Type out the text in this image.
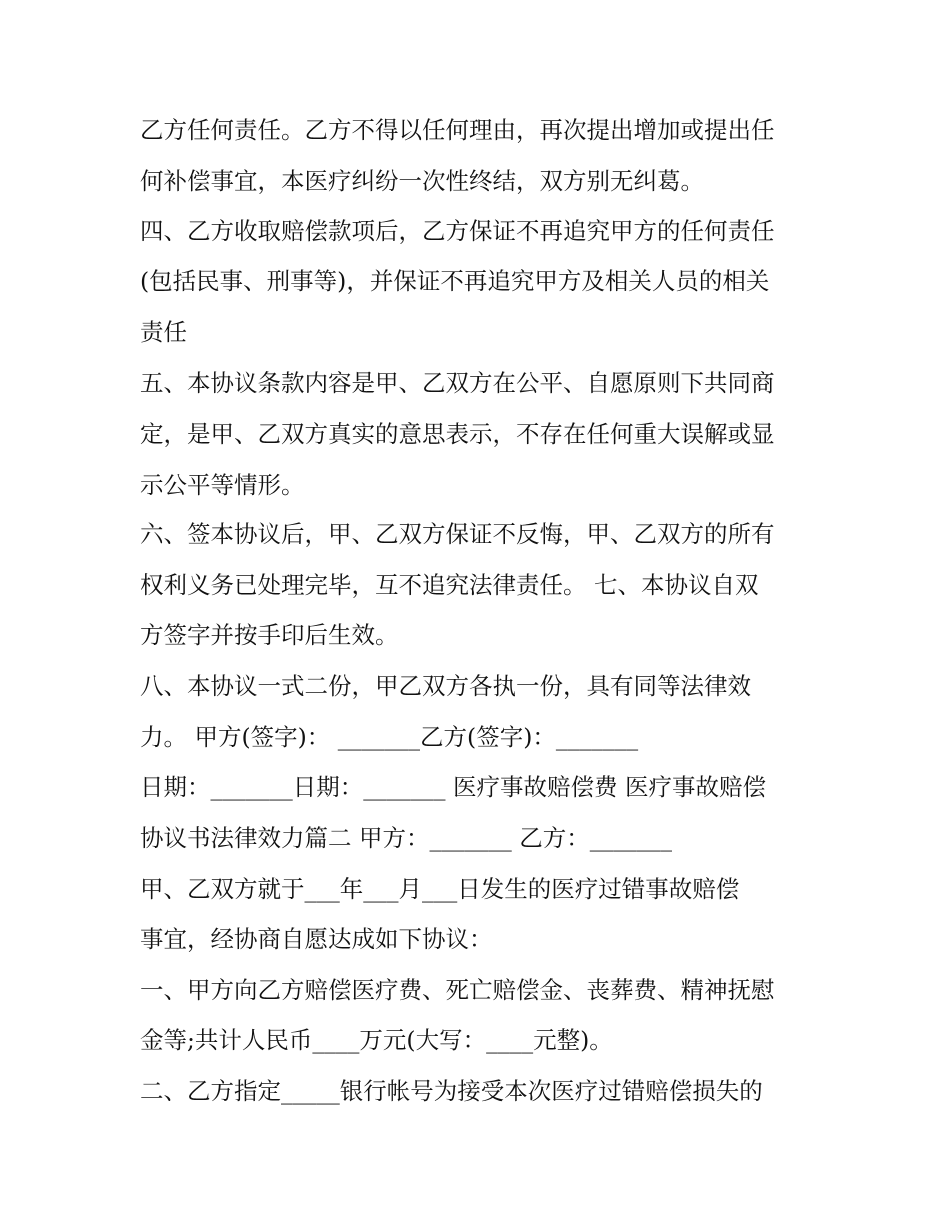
乙方任何责任。乙方不得以任何理由，再次提出增加或提出任

何补偿事宜，本医疗纠纷一次性终结，双方别无纠葛。

四、乙方收取赔偿款项后，乙方保证不再追究甲方的任何责任

(包括民事、刑事等)，并保证不再追究甲方及相关人员的相关

责任

五、本协议条款内容是甲、乙双方在公平、自愿原则下共同商

定，是甲、乙双方真实的意思表示，不存在任何重大误解或显

示公平等情形。

六、签本协议后，甲、乙双方保证不反悔，甲、乙双方的所有

权利义务已处理完毕，互不追究法律责任。 七、本协议自双

方签字并按手印后生效。

八、本协议一式二份，甲乙双方各执一份，具有同等法律效

力。 甲方(签字)： _______乙方(签字)：_______

日期：_______日期：_______ 医疗事故赔偿费 医疗事故赔偿

协议书法律效力篇二 甲方：_______ 乙方：_______

甲、乙双方就于___年___月___日发生的医疗过错事故赔偿

事宜，经协商自愿达成如下协议：

一、甲方向乙方赔偿医疗费、死亡赔偿金、丧葬费、精神抚慰

金等;共计人民币____万元(大写：____元整)。

二、乙方指定_____银行帐号为接受本次医疗过错赔偿损失的
